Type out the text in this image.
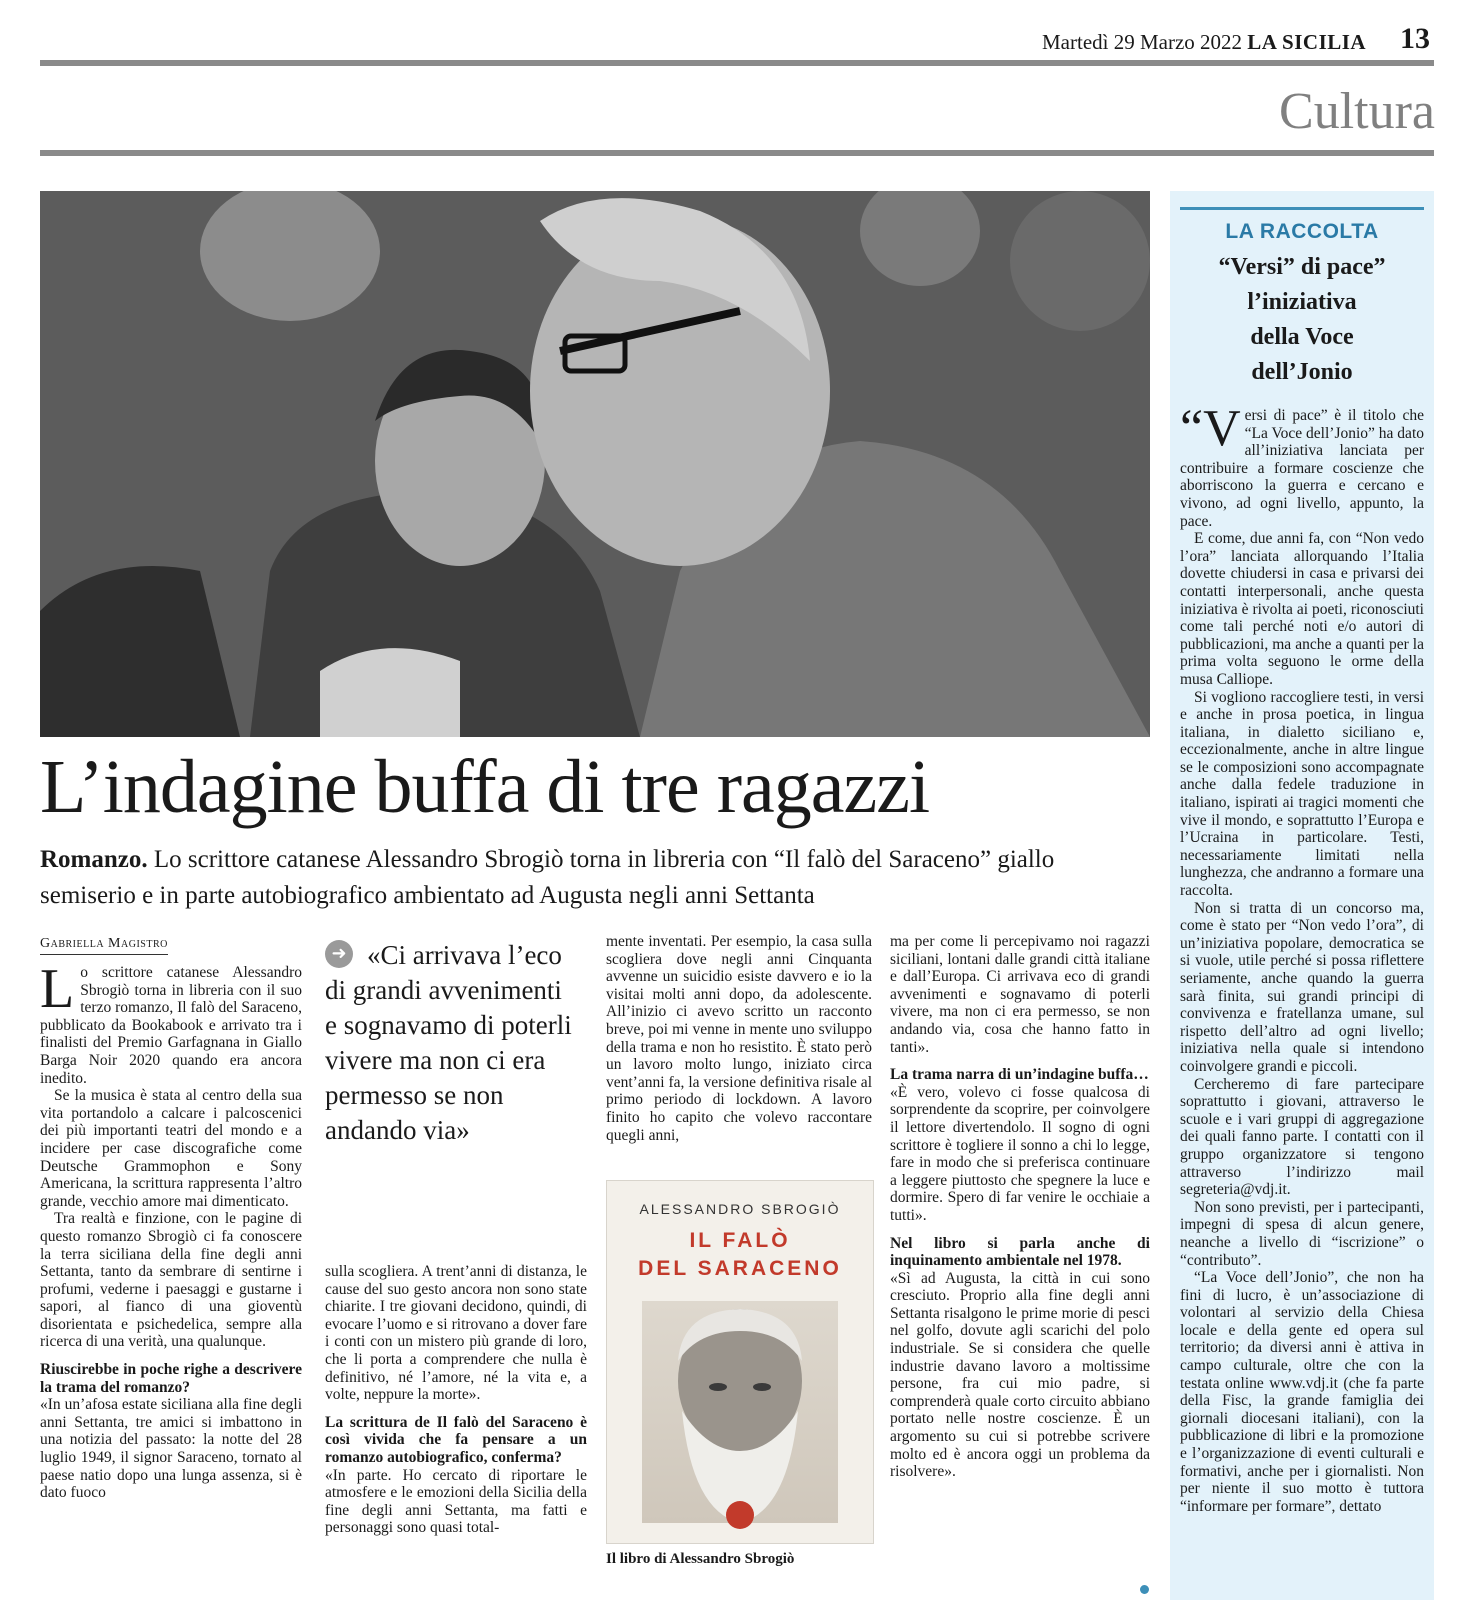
Martedì 29 Marzo 2022 LA SICILIA 13
Cultura
L’indagine buffa di tre ragazzi
Romanzo. Lo scrittore catanese Alessandro Sbrogiò torna in libreria con “Il falò del Saraceno” giallo semiserio e in parte autobiografico ambientato ad Augusta negli anni Settanta
Gabriella Magistro

Lo scrittore catanese Alessandro Sbrogiò torna in libreria con il suo terzo romanzo, Il falò del Saraceno, pubblicato da Bookabook e arrivato tra i finalisti del Premio Garfagnana in Giallo Barga Noir 2020 quando era ancora inedito.

Se la musica è stata al centro della sua vita portandolo a calcare i palcoscenici dei più importanti teatri del mondo e a incidere per case discografiche come Deutsche Grammophon e Sony Americana, la scrittura rappresenta l’altro grande, vecchio amore mai dimenticato.

Tra realtà e finzione, con le pagine di questo romanzo Sbrogiò ci fa conoscere la terra siciliana della fine degli anni Settanta, tanto da sembrare di sentirne i profumi, vederne i paesaggi e gustarne i sapori, al fianco di una gioventù disorientata e psichedelica, sempre alla ricerca di una verità, una qualunque.

Riuscirebbe in poche righe a descrivere la trama del romanzo?

«In un’afosa estate siciliana alla fine degli anni Settanta, tre amici si imbattono in una notizia del passato: la notte del 28 luglio 1949, il signor Saraceno, tornato al paese natio dopo una lunga assenza, si è dato fuoco

➜ «Ci arrivava l’eco di grandi avvenimenti e sognavamo di poterli vivere ma non ci era permesso se non andando via»

sulla scogliera. A trent’anni di distanza, le cause del suo gesto ancora non sono state chiarite. I tre giovani decidono, quindi, di evocare l’uomo e si ritrovano a dover fare i conti con un mistero più grande di loro, che li porta a comprendere che nulla è definitivo, né l’amore, né la vita e, a volte, neppure la morte».

La scrittura de Il falò del Saraceno è così vivida che fa pensare a un romanzo autobiografico, conferma?

«In parte. Ho cercato di riportare le atmosfere e le emozioni della Sicilia della fine degli anni Settanta, ma fatti e personaggi sono quasi total-

mente inventati. Per esempio, la casa sulla scogliera dove negli anni Cinquanta avvenne un suicidio esiste davvero e io la visitai molti anni dopo, da adolescente. All’inizio ci avevo scritto un racconto breve, poi mi venne in mente uno sviluppo della trama e non ho resistito. È stato però un lavoro molto lungo, iniziato circa vent’anni fa, la versione definitiva risale al primo periodo di lockdown. A lavoro finito ho capito che volevo raccontare quegli anni,

ALESSANDRO SBROGIÒ
IL FALÒ
DEL SARACENO
Il libro di Alessandro Sbrogiò

ma per come li percepivamo noi ragazzi siciliani, lontani dalle grandi città italiane e dall’Europa. Ci arrivava eco di grandi avvenimenti e sognavamo di poterli vivere, ma non ci era permesso, se non andando via, cosa che hanno fatto in tanti».

La trama narra di un’indagine buffa…

«È vero, volevo ci fosse qualcosa di sorprendente da scoprire, per coinvolgere il lettore divertendolo. Il sogno di ogni scrittore è togliere il sonno a chi lo legge, fare in modo che si preferisca continuare a leggere piuttosto che spegnere la luce e dormire. Spero di far venire le occhiaie a tutti».

Nel libro si parla anche di inquinamento ambientale nel 1978.

«Sì ad Augusta, la città in cui sono cresciuto. Proprio alla fine degli anni Settanta risalgono le prime morie di pesci nel golfo, dovute agli scarichi del polo industriale. Se si considera che quelle industrie davano lavoro a moltissime persone, fra cui mio padre, si comprenderà quale corto circuito abbiano portato nelle nostre coscienze. È un argomento su cui si potrebbe scrivere molto ed è ancora oggi un problema da risolvere».

LA RACCOLTA
“Versi” di pace”
l’iniziativa
della Voce
dell’Jonio

“Versi di pace” è il titolo che “La Voce dell’Jonio” ha dato all’iniziativa lanciata per contribuire a formare coscienze che aborriscono la guerra e cercano e vivono, ad ogni livello, appunto, la pace.

E come, due anni fa, con “Non vedo l’ora” lanciata allorquando l’Italia dovette chiudersi in casa e privarsi dei contatti interpersonali, anche questa iniziativa è rivolta ai poeti, riconosciuti come tali perché noti e/o autori di pubblicazioni, ma anche a quanti per la prima volta seguono le orme della musa Calliope.

Si vogliono raccogliere testi, in versi e anche in prosa poetica, in lingua italiana, in dialetto siciliano e, eccezionalmente, anche in altre lingue se le composizioni sono accompagnate anche dalla fedele traduzione in italiano, ispirati ai tragici momenti che vive il mondo, e soprattutto l’Europa e l’Ucraina in particolare. Testi, necessariamente limitati nella lunghezza, che andranno a formare una raccolta.

Non si tratta di un concorso ma, come è stato per “Non vedo l’ora”, di un’iniziativa popolare, democratica se si vuole, utile perché si possa riflettere seriamente, anche quando la guerra sarà finita, sui grandi principi di convivenza e fratellanza umane, sul rispetto dell’altro ad ogni livello; iniziativa nella quale si intendono coinvolgere grandi e piccoli.

Cercheremo di fare partecipare soprattutto i giovani, attraverso le scuole e i vari gruppi di aggregazione dei quali fanno parte. I contatti con il gruppo organizzatore si tengono attraverso l’indirizzo mail segreteria@vdj.it.

Non sono previsti, per i partecipanti, impegni di spesa di alcun genere, neanche a livello di “iscrizione” o “contributo”.

“La Voce dell’Jonio”, che non ha fini di lucro, è un’associazione di volontari al servizio della Chiesa locale e della gente ed opera sul territorio; da diversi anni è attiva in campo culturale, oltre che con la testata online www.vdj.it (che fa parte della Fisc, la grande famiglia dei giornali diocesani italiani), con la pubblicazione di libri e la promozione e l’organizzazione di eventi culturali e formativi, anche per i giornalisti. Non per niente il suo motto è tuttora “informare per formare”, dettato
